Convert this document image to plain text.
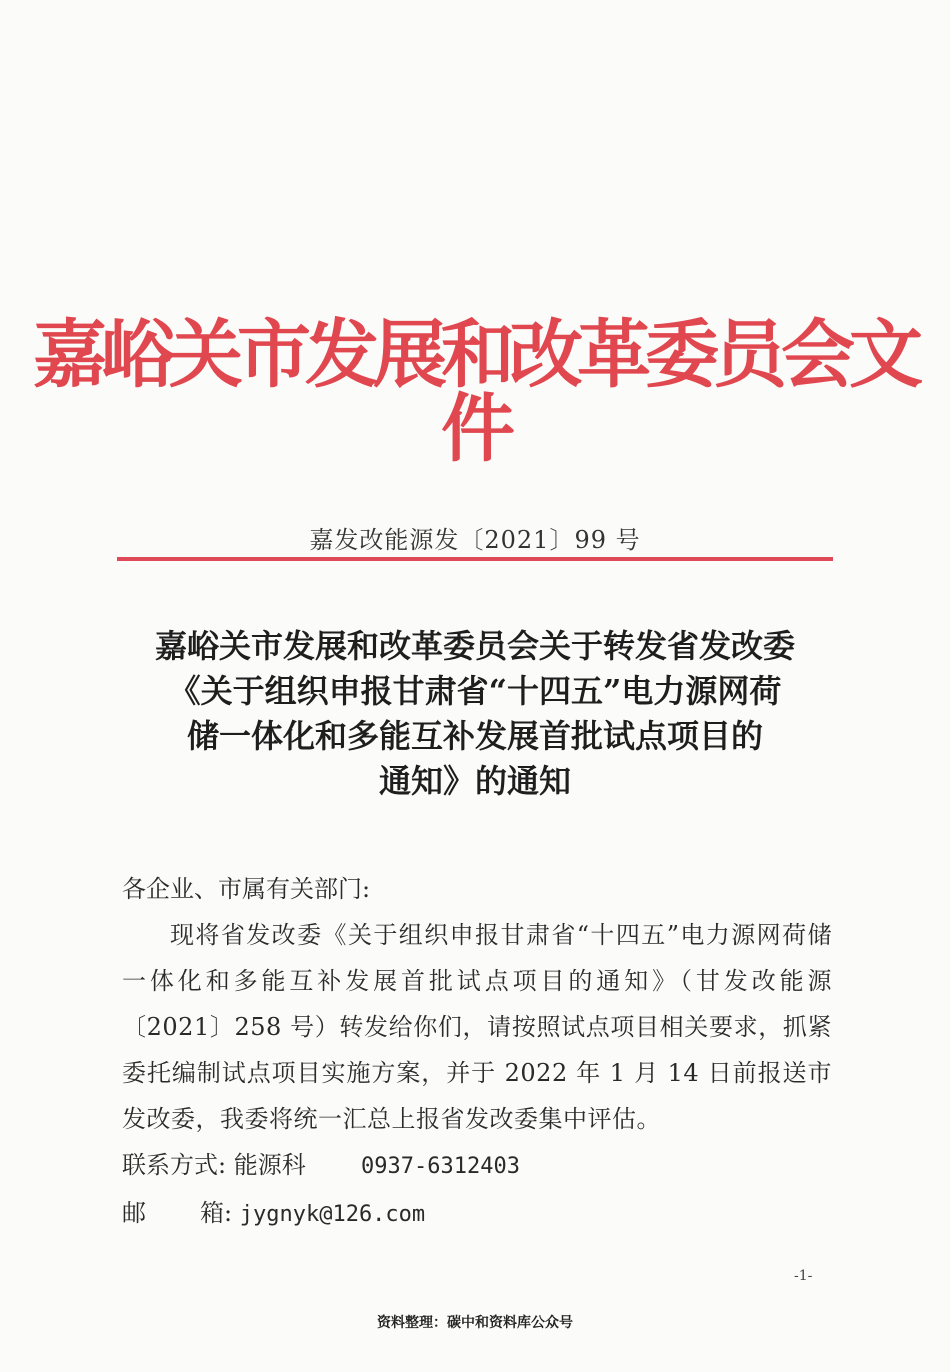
嘉峪关市发展和改革委员会文件
嘉发改能源发〔2021〕99 号
嘉峪关市发展和改革委员会关于转发省发改委
《关于组织申报甘肃省“十四五”电力源网荷
储一体化和多能互补发展首批试点项目的
通知》的通知

各企业、市属有关部门:

现将省发改委《关于组织申报甘肃省“十四五”电力源网荷储一体化和多能互补发展首批试点项目的通知》（甘发改能源〔2021〕258 号）转发给你们，请按照试点项目相关要求，抓紧委托编制试点项目实施方案，并于 2022 年 1 月 14 日前报送市发改委，我委将统一汇总上报省发改委集中评估。

联系方式: 能源科	0937-6312403

邮 箱: jygnyk@126.com

-1-
资料整理：碳中和资料库公众号
